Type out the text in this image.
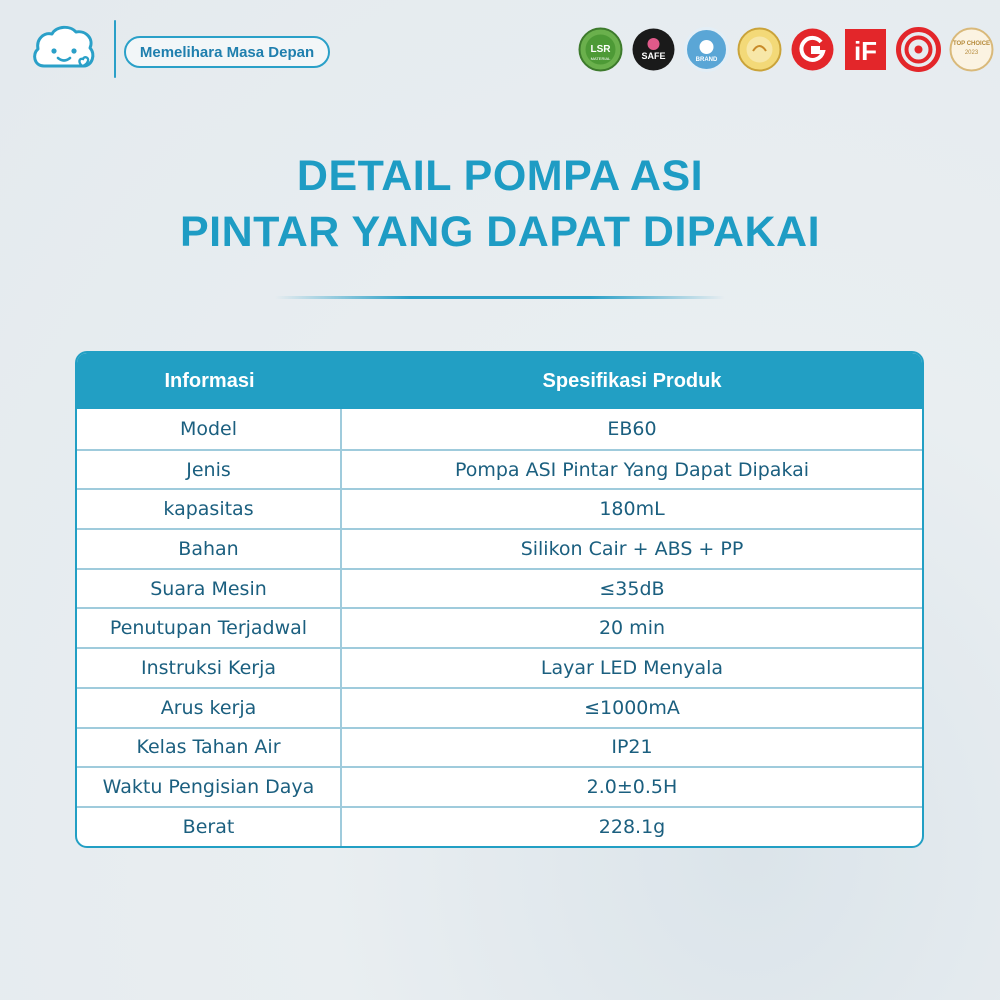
Memelihara Masa Depan	LSR
MATERIAL	SAFE	BRAND	iF	TOP CHOICE
2023
DETAIL POMPA ASI
PINTAR YANG DAPAT DIPAKAI
Informasi	Spesifikasi Produk
Model	EB60
Jenis	Pompa ASI Pintar Yang Dapat Dipakai
kapasitas	180mL
Bahan	Silikon Cair + ABS + PP
Suara Mesin	≤35dB
Penutupan Terjadwal	20 min
Instruksi Kerja	Layar LED Menyala
Arus kerja	≤1000mA
Kelas Tahan Air	IP21
Waktu Pengisian Daya	2.0±0.5H
Berat	228.1g
